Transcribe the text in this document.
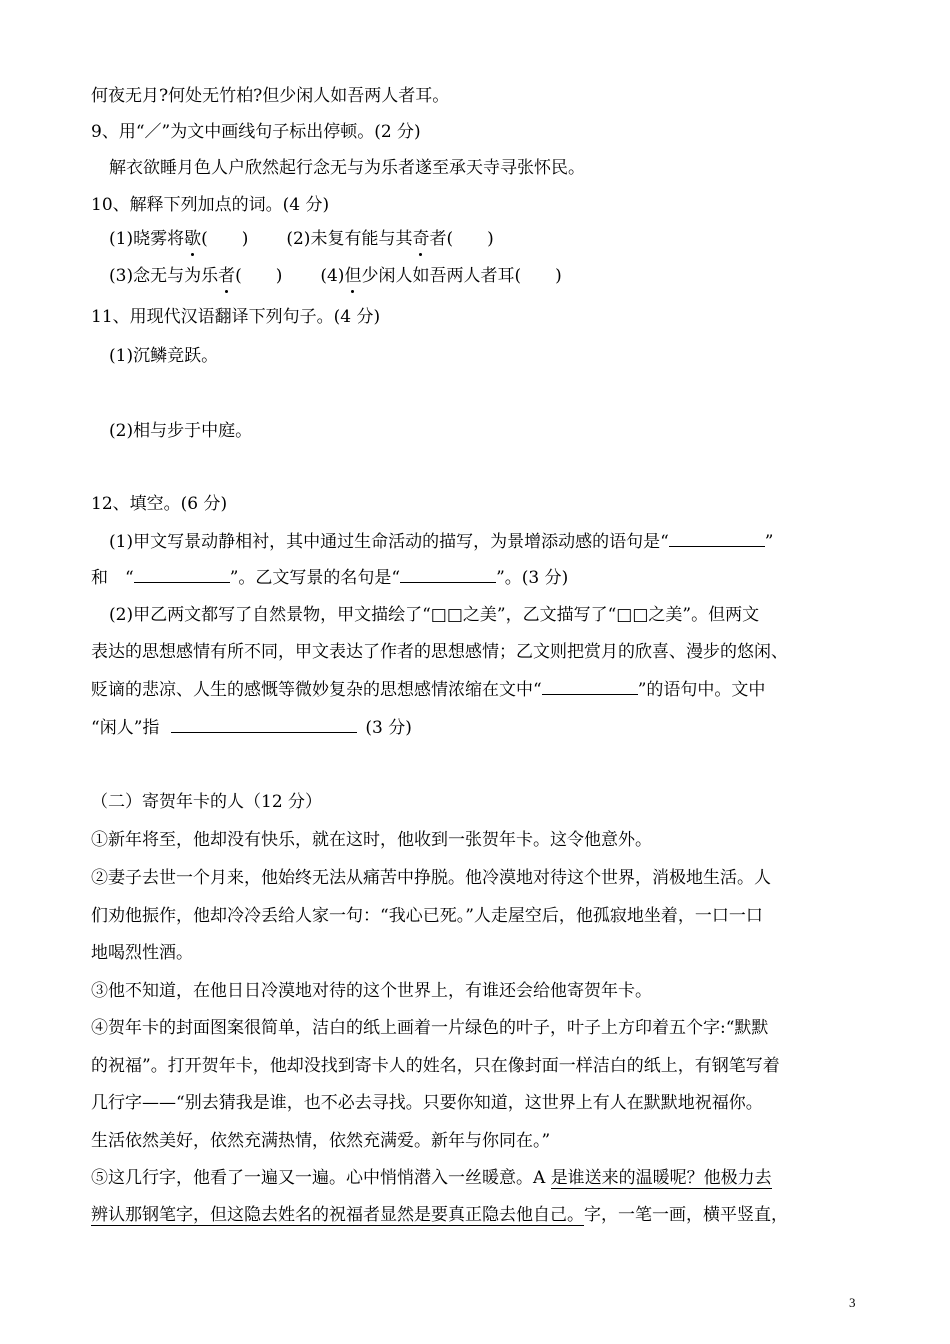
何夜无月?何处无竹柏?但少闲人如吾两人者耳。
9、用“／”为文中画线句子标出停顿。(2 分)
解衣欲睡月色人户欣然起行念无与为乐者遂至承天寺寻张怀民。
10、解释下列加点的词。(4 分)
(1)晓雾将歇(　　) (2)未复有能与其奇者(　　)
(3)念无与为乐者(　　) (4)但少闲人如吾两人者耳(　　)
11、用现代汉语翻译下列句子。(4 分)
(1)沉鳞竞跃。
(2)相与步于中庭。
12、填空。(6 分)
(1)甲文写景动静相衬，其中通过生命活动的描写，为景增添动感的语句是“	”
和　“	”。乙文写景的名句是“	”。(3 分)
(2)甲乙两文都写了自然景物，甲文描绘了“□□之美”，乙文描写了“□□之美”。但两文
表达的思想感情有所不同，甲文表达了作者的思想感情；乙文则把赏月的欣喜、漫步的悠闲、
贬谪的悲凉、人生的感慨等微妙复杂的思想感情浓缩在文中“	”的语句中。文中
“闲人”指	(3 分)
（二）寄贺年卡的人（12 分）
①新年将至，他却没有快乐，就在这时，他收到一张贺年卡。这令他意外。
②妻子去世一个月来，他始终无法从痛苦中挣脱。他冷漠地对待这个世界，消极地生活。人
们劝他振作，他却冷冷丢给人家一句：“我心已死。”人走屋空后，他孤寂地坐着，一口一口
地喝烈性酒。
③他不知道，在他日日冷漠地对待的这个世界上，有谁还会给他寄贺年卡。
④贺年卡的封面图案很简单，洁白的纸上画着一片绿色的叶子，叶子上方印着五个字:“默默
的祝福”。打开贺年卡，他却没找到寄卡人的姓名，只在像封面一样洁白的纸上，有钢笔写着
几行字——“别去猜我是谁，也不必去寻找。只要你知道，这世界上有人在默默地祝福你。
生活依然美好，依然充满热情，依然充满爱。新年与你同在。”
⑤这几行字，他看了一遍又一遍。心中悄悄潜入一丝暖意。A 是谁送来的温暖呢？他极力去
辨认那钢笔字，但这隐去姓名的祝福者显然是要真正隐去他自己。字，一笔一画，横平竖直，
3
